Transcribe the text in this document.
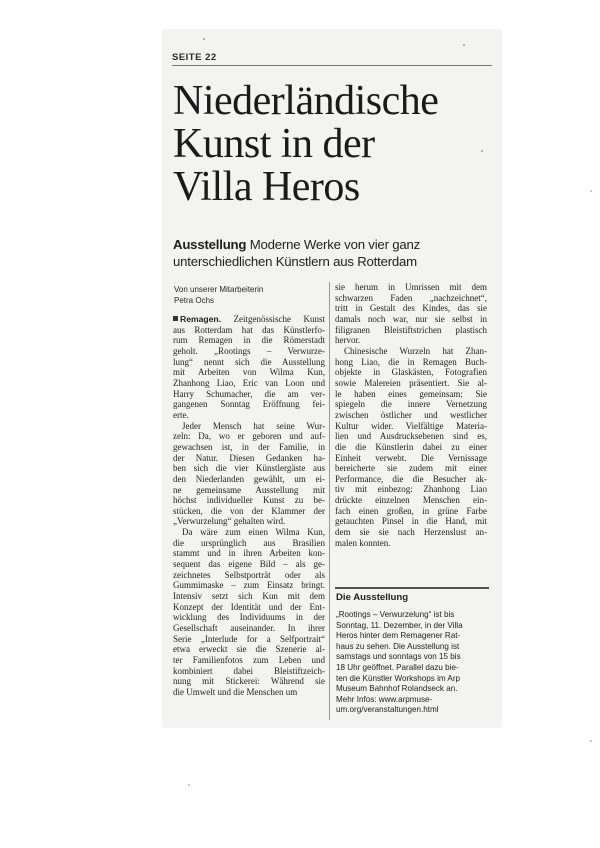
SEITE 22
Niederländische
Kunst in der
Villa Heros
Ausstellung Moderne Werke von vier ganz
unterschiedlichen Künstlern aus Rotterdam
Von unserer Mitarbeiterin
Petra Ochs
Remagen. Zeitgenössische Kunst
aus Rotterdam hat das Künstlerfo-
rum Remagen in die Römerstadt
geholt. „Rootings – Verwurze-
lung“ nennt sich die Ausstellung
mit Arbeiten von Wilma Kun,
Zhanhong Liao, Eric van Loon und
Harry Schumacher, die am ver-
gangenen Sonntag Eröffnung fei-
erte.
Jeder Mensch hat seine Wur-
zeln: Da, wo er geboren und auf-
gewachsen ist, in der Familie, in
der Natur. Diesen Gedanken ha-
ben sich die vier Künstlergäste aus
den Niederlanden gewählt, um ei-
ne gemeinsame Ausstellung mit
höchst individueller Kunst zu be-
stücken, die von der Klammer der
„Verwurzelung“ gehalten wird.
Da wäre zum einen Wilma Kun,
die ursprünglich aus Brasilien
stammt und in ihren Arbeiten kon-
sequent das eigene Bild – als ge-
zeichnetes Selbstporträt oder als
Gummimaske – zum Einsatz bringt.
Intensiv setzt sich Kun mit dem
Konzept der Identität und der Ent-
wicklung des Individuums in der
Gesellschaft auseinander. In ihrer
Serie „Interlude for a Selfportrait“
etwa erweckt sie die Szenerie al-
ter Familienfotos zum Leben und
kombiniert dabei Bleistiftzeich-
nung mit Stickerei: Während sie
die Umwelt und die Menschen um
sie herum in Umrissen mit dem
schwarzen Faden „nachzeichnet“,
tritt in Gestalt des Kindes, das sie
damals noch war, nur sie selbst in
filigranen Bleistiftstrichen plastisch
hervor.
Chinesische Wurzeln hat Zhan-
hong Liao, die in Remagen Buch-
objekte in Glaskästen, Fotografien
sowie Malereien präsentiert. Sie al-
le haben eines gemeinsam: Sie
spiegeln die innere Vernetzung
zwischen östlicher und westlicher
Kultur wider. Vielfältige Materia-
lien und Ausdrucksebenen sind es,
die die Künstlerin dabei zu einer
Einheit verwebt. Die Vernissage
bereicherte sie zudem mit einer
Performance, die die Besucher ak-
tiv mit einbezog: Zhanhong Liao
drückte einzelnen Menschen ein-
fach einen großen, in grüne Farbe
getauchten Pinsel in die Hand, mit
dem sie sie nach Herzenslust an-
malen konnten.
Die Ausstellung
„Rootings – Verwurzelung“ ist bis
Sonntag, 11. Dezember, in der Villa
Heros hinter dem Remagener Rat-
haus zu sehen. Die Ausstellung ist
samstags und sonntags von 15 bis
18 Uhr geöffnet. Parallel dazu bie-
ten die Künstler Workshops im Arp
Museum Bahnhof Rolandseck an.
Mehr Infos: www.arpmuse-
um.org/veranstaltungen.html
